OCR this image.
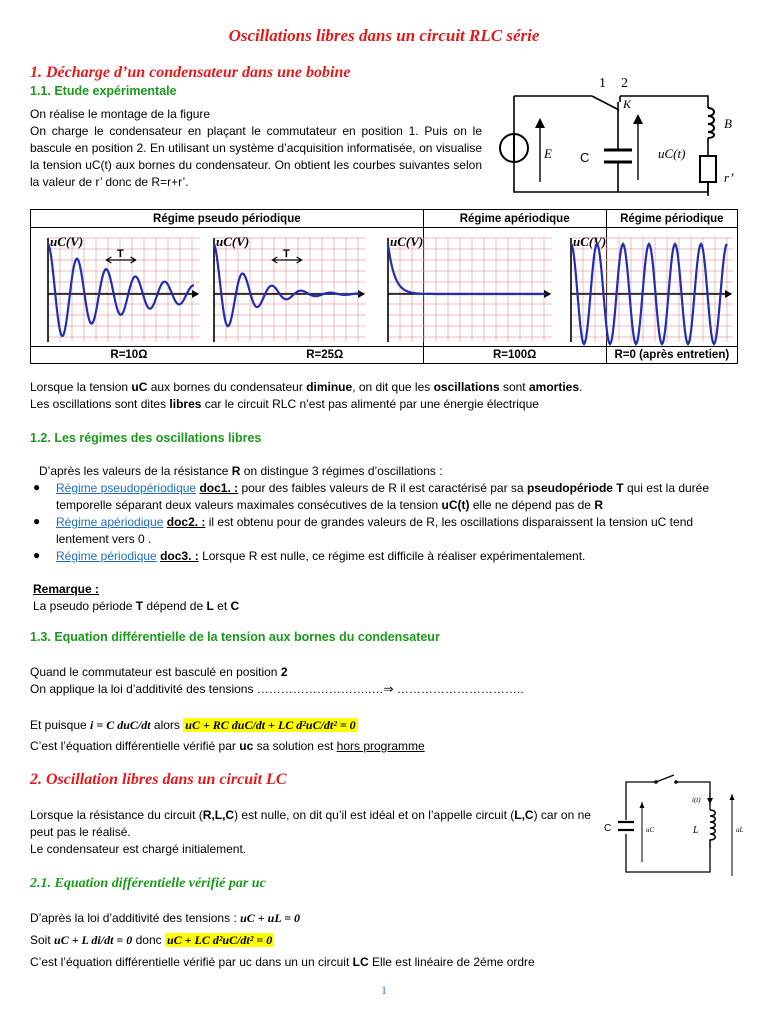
Oscillations libres dans un circuit RLC série
1. Décharge d’un condensateur dans une bobine
1.1. Etude expérimentale
On réalise le montage de la figure
On charge le condensateur en plaçant le commutateur en position 1. Puis on le bascule en position 2. En utilisant un système d’acquisition informatisée, on visualise la tension uC(t) aux bornes du condensateur. On obtient les courbes suivantes selon la valeur de r’ donc de R=r+r’.
1 2
K
E C	uC(t)
B
r’
Régime pseudo périodique		Régime apériodique	Régime périodique

R=10Ω	R=25Ω	R=100Ω	R=0 (après entretien)
uC(V)
T
uC(V)
T
uC(V)	uC(V)
Lorsque la tension uC aux bornes du condensateur diminue, on dit que les oscillations sont amorties.
Les oscillations sont dites libres car le circuit RLC n’est pas alimenté par une énergie électrique
1.2. Les régimes des oscillations libres
D’après les valeurs de la résistance R on distingue 3 régimes d’oscillations :
● Régime pseudopériodique doc1. : pour des faibles valeurs de R il est caractérisé par sa pseudopériode T qui est la durée temporelle séparant deux valeurs maximales consécutives de la tension uC(t) elle ne dépend pas de R
● Régime apériodique doc2. : il est obtenu pour de grandes valeurs de R, les oscillations disparaissent la tension uC tend lentement vers 0 .
● Régime périodique doc3. : Lorsque R est nulle, ce régime est difficile à réaliser expérimentalement.
Remarque :
La pseudo période T dépend de L et C
1.3. Equation différentielle de la tension aux bornes du condensateur
Quand le commutateur est basculé en position 2
On applique la loi d’additivité des tensions ………………………..…⇒ …………………………..
Et puisque i = C duC/dt alors uC + RC duC/dt + LC d²uC/dt² = 0
C’est l’équation différentielle vérifié par uc sa solution est hors programme
2. Oscillation libres dans un circuit LC
Lorsque la résistance du circuit (R,L,C) est nulle, on dit qu’il est idéal et on l’appelle circuit (L,C) car on ne peut pas le réalisé.
Le condensateur est chargé initialement.
C	uC	L
i(t)
uL
2.1. Equation différentielle vérifié par uc
D’après la loi d’additivité des tensions : uC + uL = 0
Soit uC + L di/dt = 0 donc uC + LC d²uC/dt² = 0
C’est l’équation différentielle vérifié par uc dans un un circuit LC Elle est linéaire de 2éme ordre
1
